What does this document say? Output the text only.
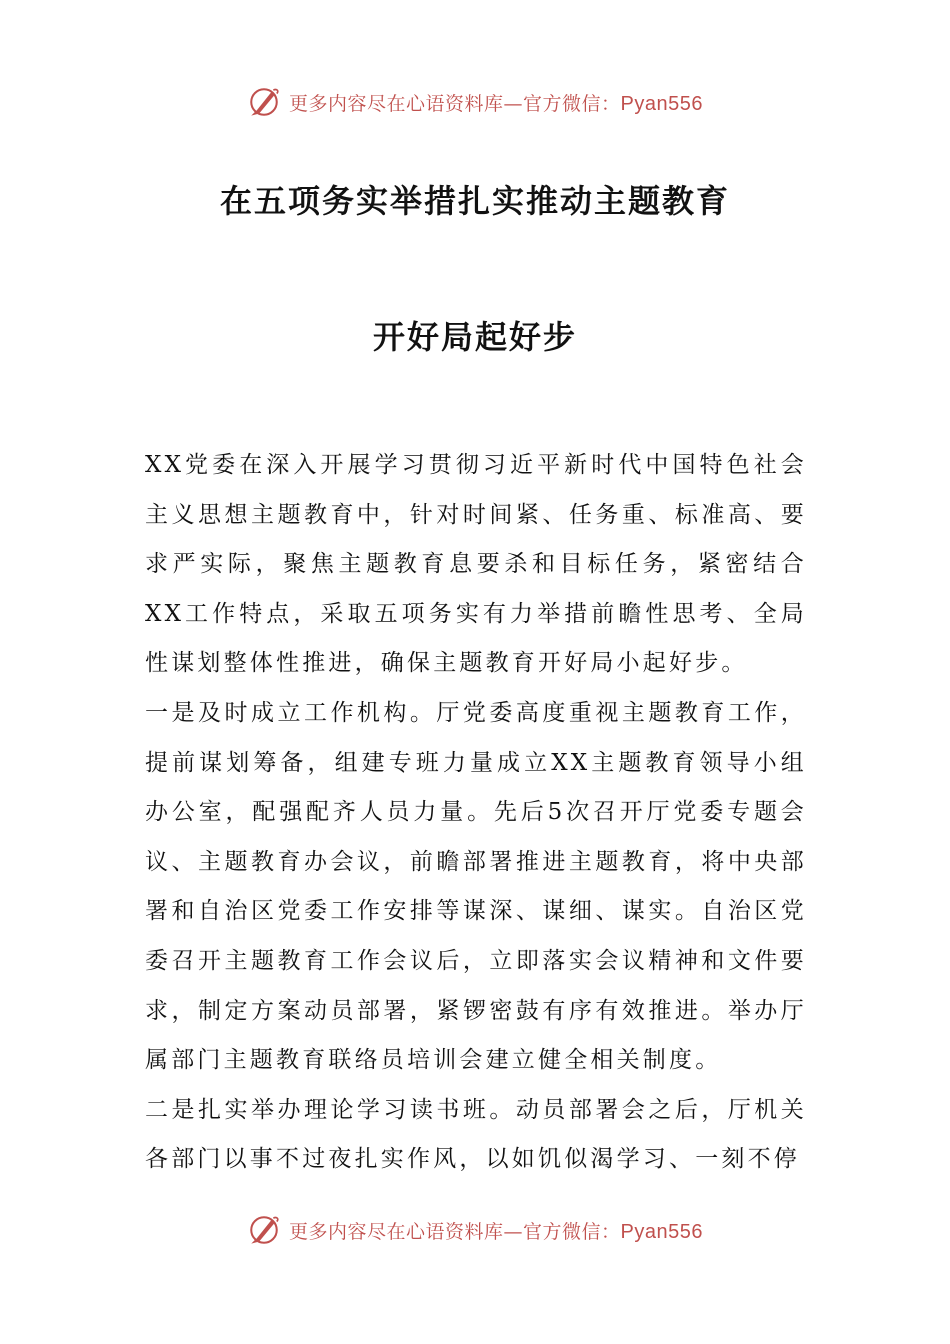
更多内容尽在心语资料库—官方微信：Pyan556
在五项务实举措扎实推动主题教育
开好局起好步

XX党委在深入开展学习贯彻习近平新时代中国特色社会主义思想主题教育中，针对时间紧、任务重、标准高、要求严实际，聚焦主题教育息要杀和目标任务，紧密结合XX工作特点，采取五项务实有力举措前瞻性思考、全局性谋划整体性推进，确保主题教育开好局小起好步。

一是及时成立工作机构。厅党委高度重视主题教育工作，提前谋划筹备，组建专班力量成立XX主题教育领导小组办公室，配强配齐人员力量。先后5次召开厅党委专题会议、主题教育办会议，前瞻部署推进主题教育，将中央部署和自治区党委工作安排等谋深、谋细、谋实。自治区党委召开主题教育工作会议后，立即落实会议精神和文件要求，制定方案动员部署，紧锣密鼓有序有效推进。举办厅属部门主题教育联络员培训会建立健全相关制度。

二是扎实举办理论学习读书班。动员部署会之后，厅机关各部门以事不过夜扎实作风，以如饥似渴学习、一刻不停

更多内容尽在心语资料库—官方微信：Pyan556
